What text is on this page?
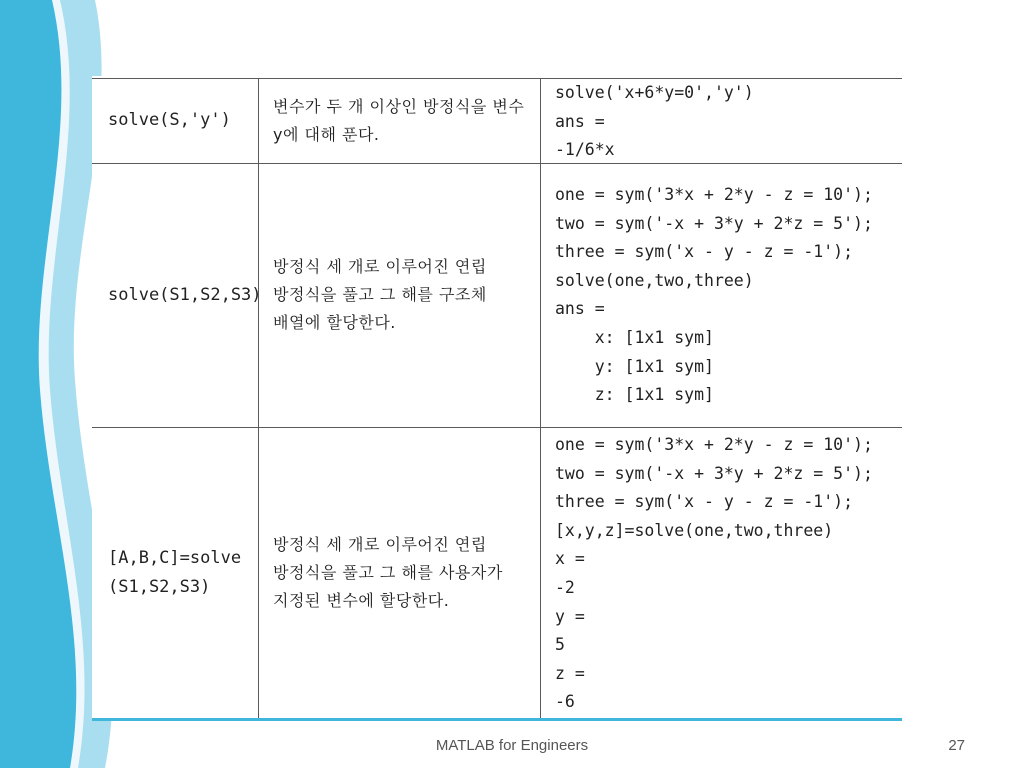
solve(S,'y')
변수가 두 개 이상인 방정식을 변수 y에 대해 푼다.
solve('x+6*y=0','y')
ans =
-1/6*x
solve(S1,S2,S3)
방정식 세 개로 이루어진 연립 방정식을 풀고 그 해를 구조체 배열에 할당한다.
one = sym('3*x + 2*y - z = 10');
two = sym('-x + 3*y + 2*z = 5');
three = sym('x - y - z = -1');
solve(one,two,three)
ans =
x: [1x1 sym]
y: [1x1 sym]
z: [1x1 sym]
[A,B,C]=solve (S1,S2,S3)
방정식 세 개로 이루어진 연립 방정식을 풀고 그 해를 사용자가 지정된 변수에 할당한다.
one = sym('3*x + 2*y - z = 10');
two = sym('-x + 3*y + 2*z = 5');
three = sym('x - y - z = -1');
[x,y,z]=solve(one,two,three)
x =
-2
y =
5
z =
-6
MATLAB for Engineers	27
